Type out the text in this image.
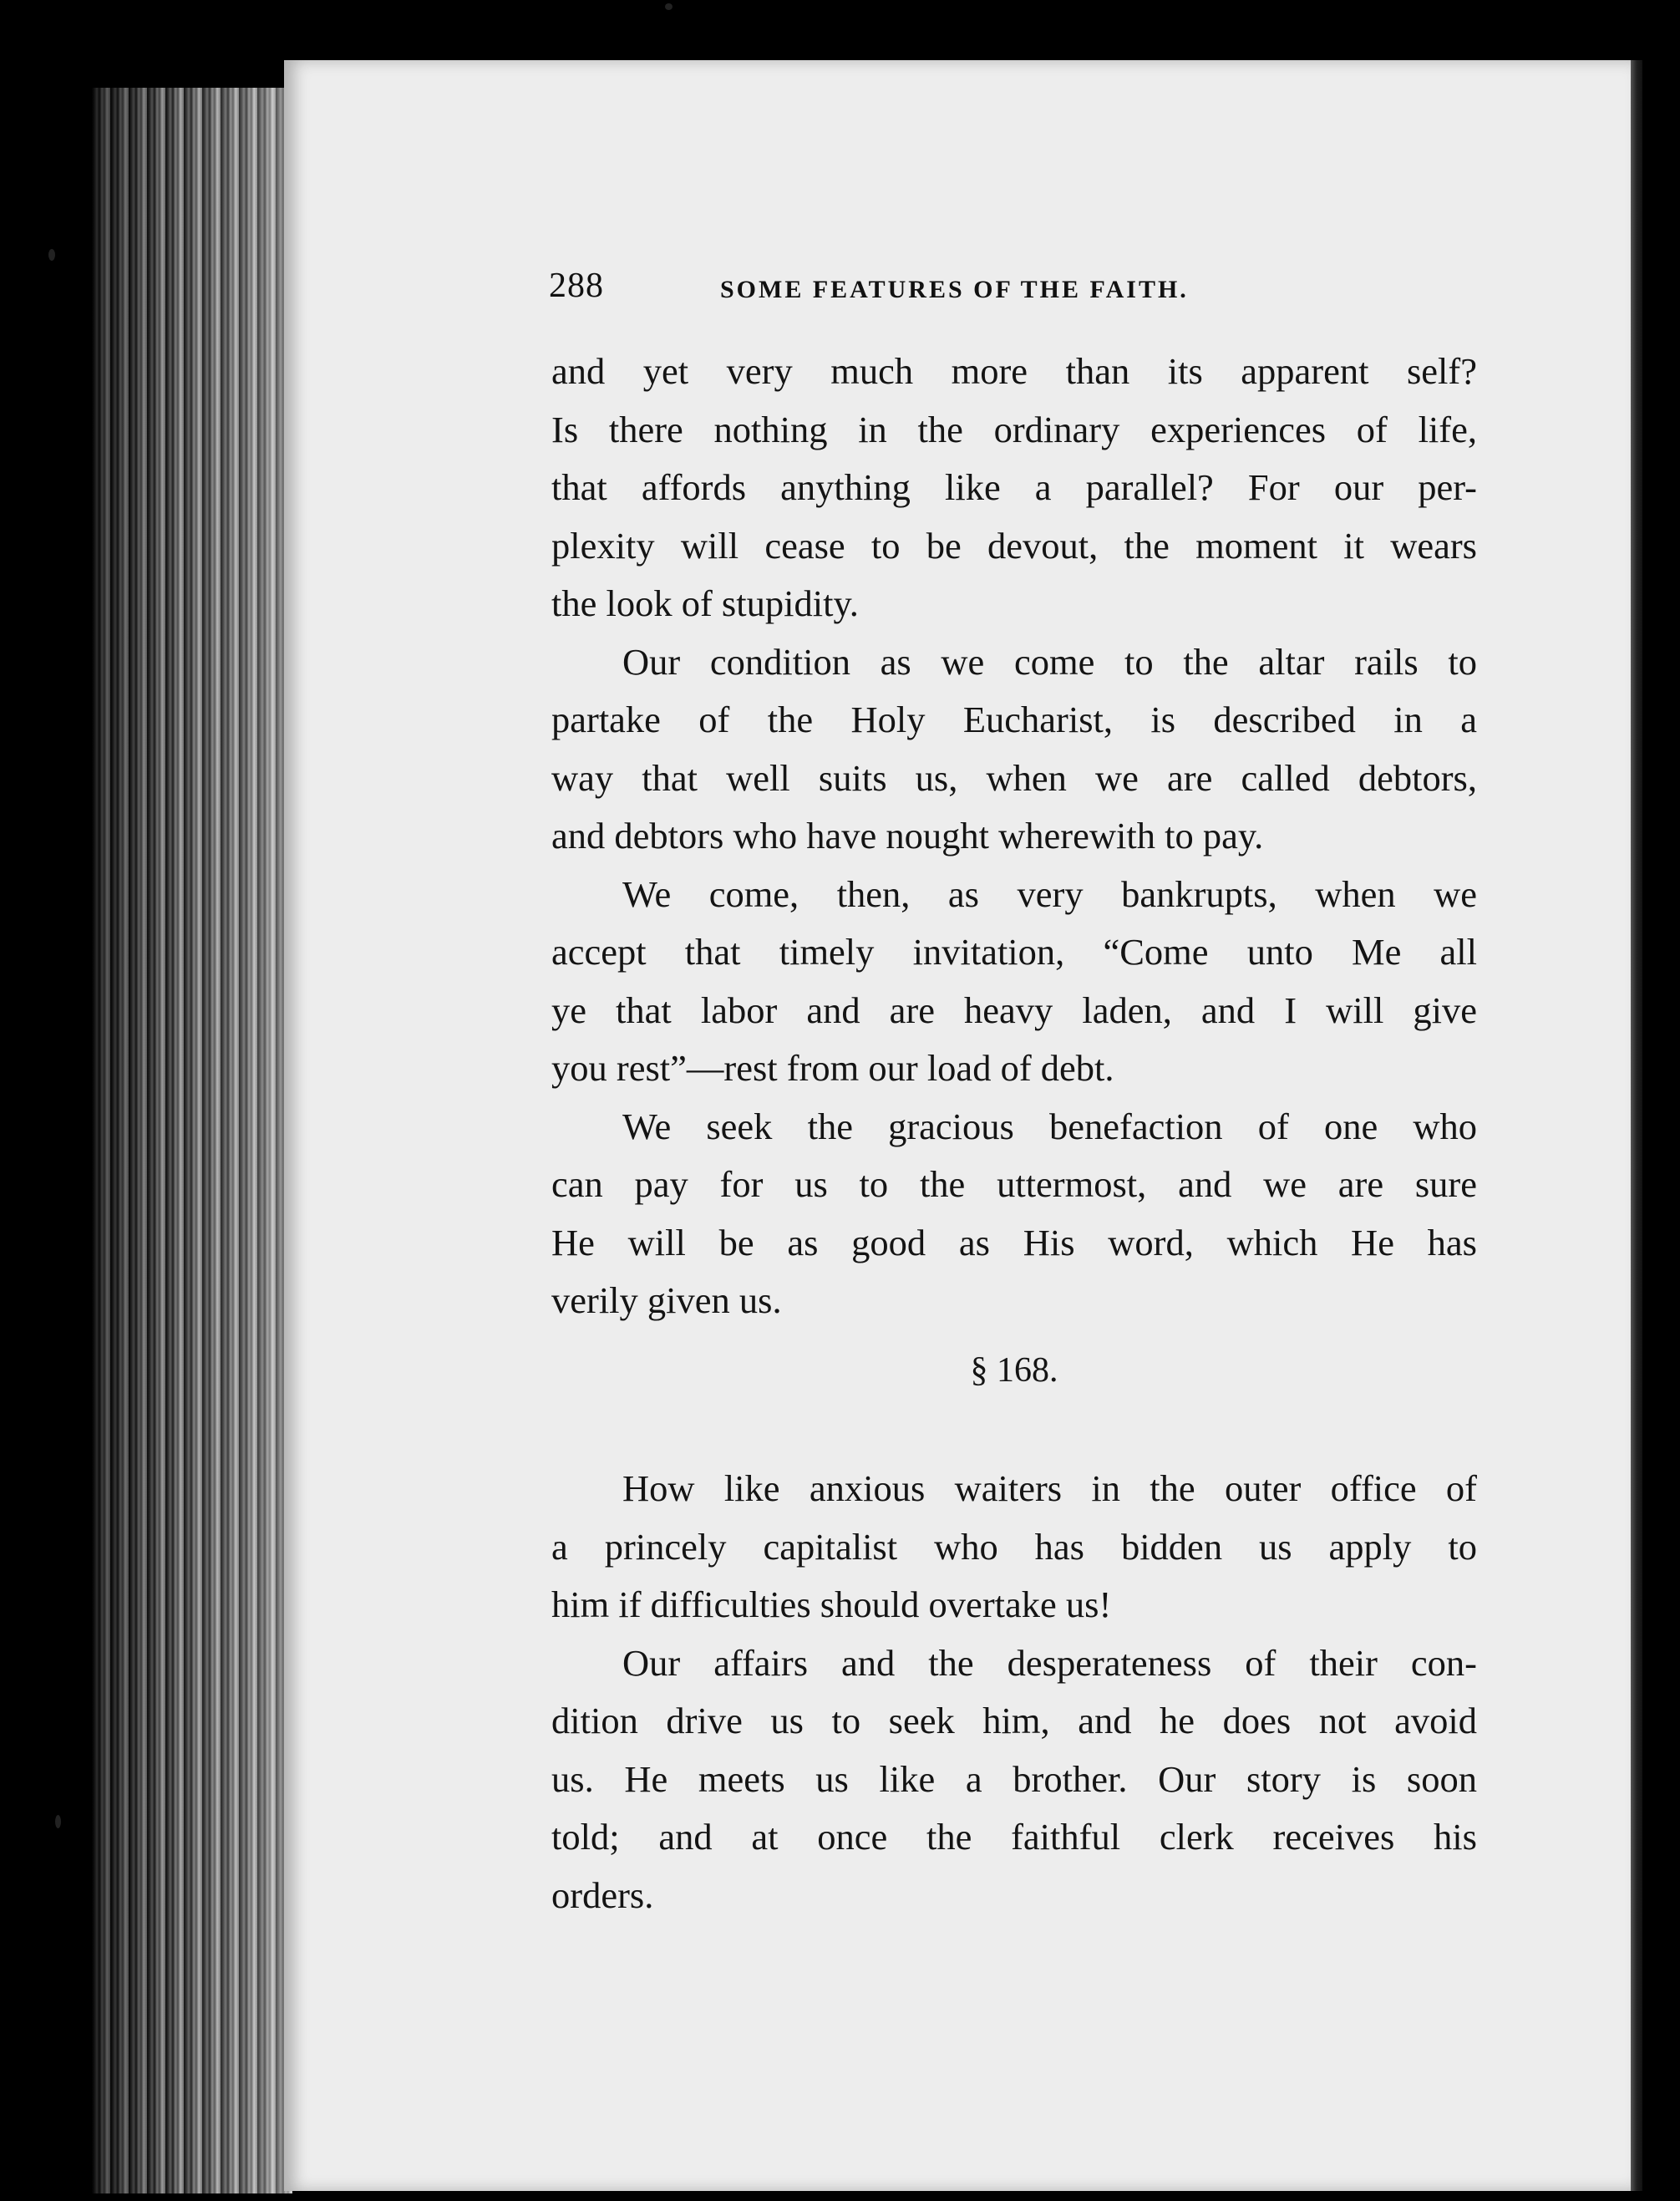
288	SOME FEATURES OF THE FAITH.
and yet very much more than its apparent self?
Is there nothing in the ordinary experiences of life,
that affords anything like a parallel? For our per-
plexity will cease to be devout, the moment it wears
the look of stupidity.
Our condition as we come to the altar rails to
partake of the Holy Eucharist, is described in a
way that well suits us, when we are called debtors,
and debtors who have nought wherewith to pay.
We come, then, as very bankrupts, when we
accept that timely invitation, “Come unto Me all
ye that labor and are heavy laden, and I will give
you rest”—rest from our load of debt.
We seek the gracious benefaction of one who
can pay for us to the uttermost, and we are sure
He will be as good as His word, which He has
verily given us.
§ 168.
How like anxious waiters in the outer office of
a princely capitalist who has bidden us apply to
him if difficulties should overtake us!
Our affairs and the desperateness of their con-
dition drive us to seek him, and he does not avoid
us. He meets us like a brother. Our story is soon
told; and at once the faithful clerk receives his
orders.
